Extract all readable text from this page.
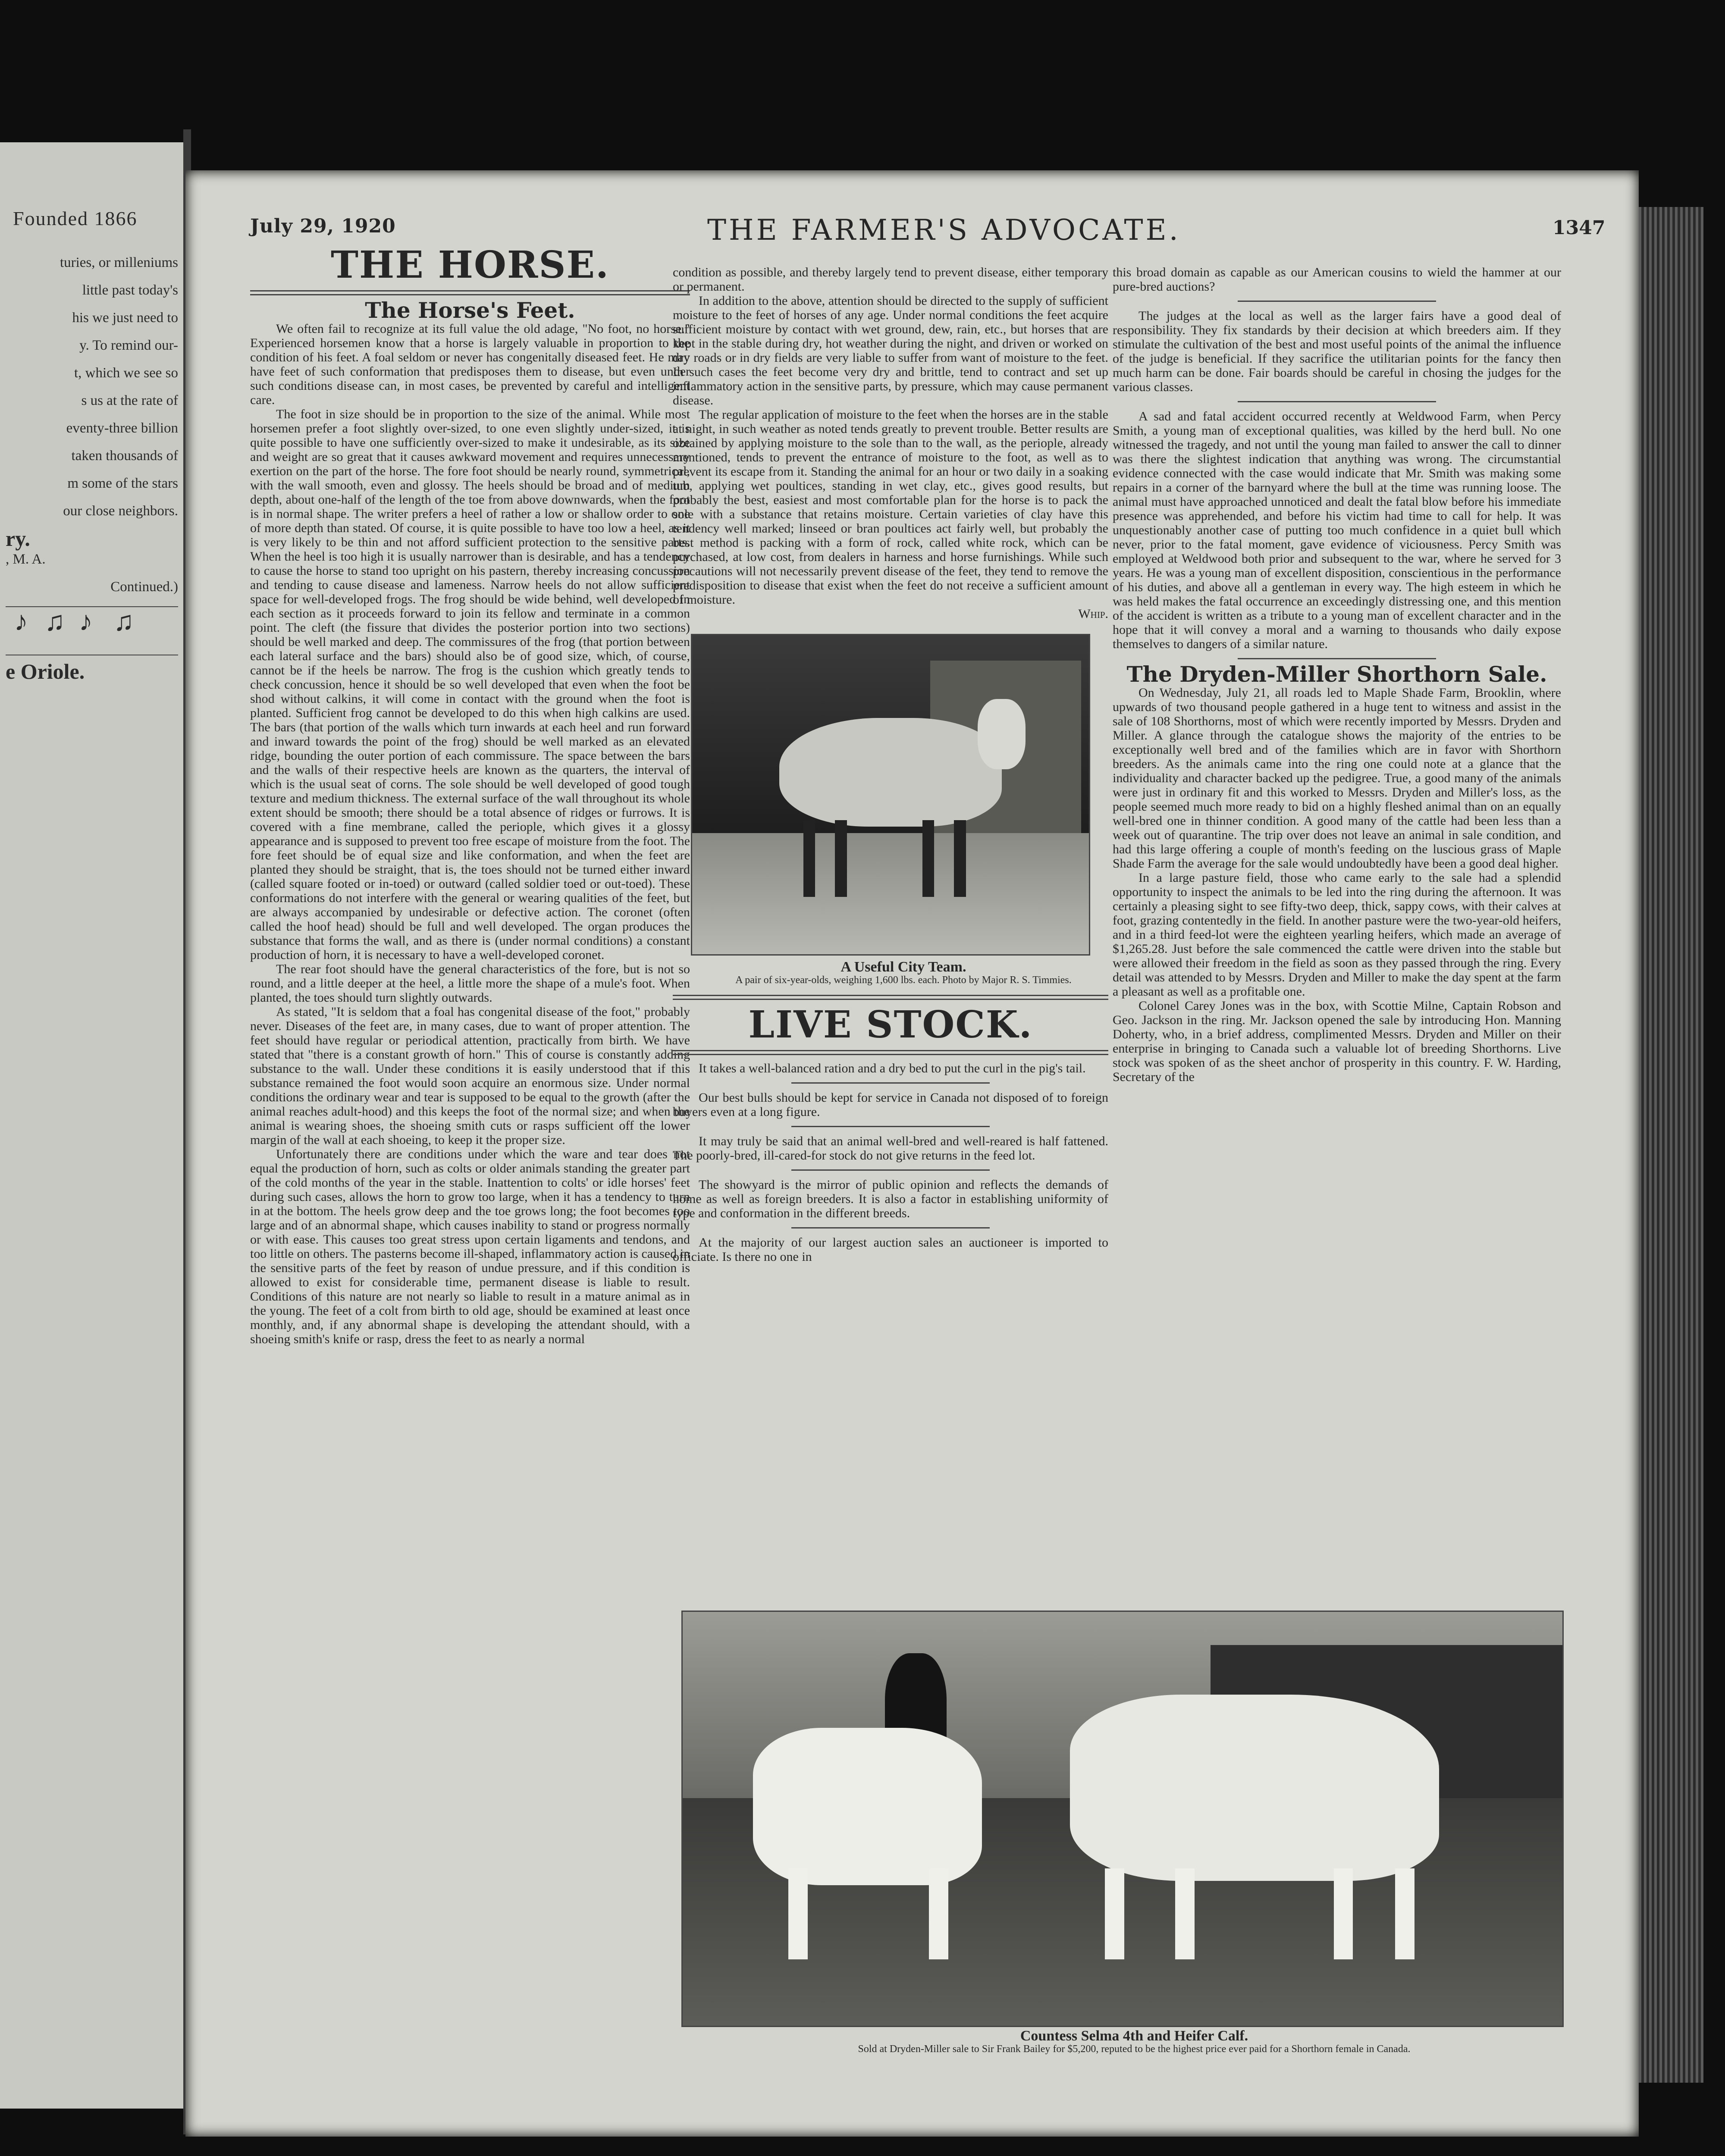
Founded 1866

turies, or milleniums

little past today's

his we just need to

y. To remind our-

t, which we see so

s us at the rate of

eventy-three billion

taken thousands of

m some of the stars

our close neighbors.

ry.

, M. A.

Continued.)

♪ ♫ ♪ ♫
e Oriole.
July 29, 1920	THE FARMER'S ADVOCATE.	1347
THE HORSE.
The Horse's Feet.

We often fail to recognize at its full value the old adage, "No foot, no horse." Experienced horsemen know that a horse is largely valuable in proportion to the condition of his feet. A foal seldom or never has congenitally diseased feet. He may have feet of such conformation that predisposes them to disease, but even under such conditions disease can, in most cases, be prevented by careful and intelligent care.

The foot in size should be in proportion to the size of the animal. While most horsemen prefer a foot slightly over-sized, to one even slightly under-sized, it is quite possible to have one sufficiently over-sized to make it undesirable, as its size and weight are so great that it causes awkward movement and requires unnecessary exertion on the part of the horse. The fore foot should be nearly round, symmetrical, with the wall smooth, even and glossy. The heels should be broad and of medium depth, about one-half of the length of the toe from above downwards, when the foot is in normal shape. The writer prefers a heel of rather a low or shallow order to one of more depth than stated. Of course, it is quite possible to have too low a heel, as it is very likely to be thin and not afford sufficient protection to the sensitive parts. When the heel is too high it is usually narrower than is desirable, and has a tendency to cause the horse to stand too upright on his pastern, thereby increasing concussion and tending to cause disease and lameness. Narrow heels do not allow sufficient space for well-developed frogs. The frog should be wide behind, well developed in each section as it proceeds forward to join its fellow and terminate in a common point. The cleft (the fissure that divides the posterior portion into two sections) should be well marked and deep. The commissures of the frog (that portion between each lateral surface and the bars) should also be of good size, which, of course, cannot be if the heels be narrow. The frog is the cushion which greatly tends to check concussion, hence it should be so well developed that even when the foot be shod without calkins, it will come in contact with the ground when the foot is planted. Sufficient frog cannot be developed to do this when high calkins are used. The bars (that portion of the walls which turn inwards at each heel and run forward and inward towards the point of the frog) should be well marked as an elevated ridge, bounding the outer portion of each commissure. The space between the bars and the walls of their respective heels are known as the quarters, the interval of which is the usual seat of corns. The sole should be well developed of good tough texture and medium thickness. The external surface of the wall throughout its whole extent should be smooth; there should be a total absence of ridges or furrows. It is covered with a fine membrane, called the periople, which gives it a glossy appearance and is supposed to prevent too free escape of moisture from the foot. The fore feet should be of equal size and like conformation, and when the feet are planted they should be straight, that is, the toes should not be turned either inward (called square footed or in-toed) or outward (called soldier toed or out-toed). These conformations do not interfere with the general or wearing qualities of the feet, but are always accompanied by undesirable or defective action. The coronet (often called the hoof head) should be full and well developed. The organ produces the substance that forms the wall, and as there is (under normal conditions) a constant production of horn, it is necessary to have a well-developed coronet.

The rear foot should have the general characteristics of the fore, but is not so round, and a little deeper at the heel, a little more the shape of a mule's foot. When planted, the toes should turn slightly outwards.

As stated, "It is seldom that a foal has congenital disease of the foot," probably never. Diseases of the feet are, in many cases, due to want of proper attention. The feet should have regular or periodical attention, practically from birth. We have stated that "there is a constant growth of horn." This of course is constantly adding substance to the wall. Under these conditions it is easily understood that if this substance remained the foot would soon acquire an enormous size. Under normal conditions the ordinary wear and tear is supposed to be equal to the growth (after the animal reaches adult-hood) and this keeps the foot of the normal size; and when the animal is wearing shoes, the shoeing smith cuts or rasps sufficient off the lower margin of the wall at each shoeing, to keep it the proper size.

Unfortunately there are conditions under which the ware and tear does not equal the production of horn, such as colts or older animals standing the greater part of the cold months of the year in the stable. Inattention to colts' or idle horses' feet during such cases, allows the horn to grow too large, when it has a tendency to turn in at the bottom. The heels grow deep and the toe grows long; the foot becomes too large and of an abnormal shape, which causes inability to stand or progress normally or with ease. This causes too great stress upon certain ligaments and tendons, and too little on others. The pasterns become ill-shaped, inflammatory action is caused in the sensitive parts of the feet by reason of undue pressure, and if this condition is allowed to exist for considerable time, permanent disease is liable to result. Conditions of this nature are not nearly so liable to result in a mature animal as in the young. The feet of a colt from birth to old age, should be examined at least once monthly, and, if any abnormal shape is developing the attendant should, with a shoeing smith's knife or rasp, dress the feet to as nearly a normal

condition as possible, and thereby largely tend to prevent disease, either temporary or permanent.

In addition to the above, attention should be directed to the supply of sufficient moisture to the feet of horses of any age. Under normal conditions the feet acquire sufficient moisture by contact with wet ground, dew, rain, etc., but horses that are kept in the stable during dry, hot weather during the night, and driven or worked on dry roads or in dry fields are very liable to suffer from want of moisture to the feet. In such cases the feet become very dry and brittle, tend to contract and set up inflammatory action in the sensitive parts, by pressure, which may cause permanent disease.

The regular application of moisture to the feet when the horses are in the stable at night, in such weather as noted tends greatly to prevent trouble. Better results are obtained by applying moisture to the sole than to the wall, as the periople, already mentioned, tends to prevent the entrance of moisture to the foot, as well as to prevent its escape from it. Standing the animal for an hour or two daily in a soaking tub, applying wet poultices, standing in wet clay, etc., gives good results, but probably the best, easiest and most comfortable plan for the horse is to pack the sole with a substance that retains moisture. Certain varieties of clay have this tendency well marked; linseed or bran poultices act fairly well, but probably the best method is packing with a form of rock, called white rock, which can be purchased, at low cost, from dealers in harness and horse furnishings. While such precautions will not necessarily prevent disease of the feet, they tend to remove the predisposition to disease that exist when the feet do not receive a sufficient amount of moisture.

Whip.

A Useful City Team.

A pair of six-year-olds, weighing 1,600 lbs. each. Photo by Major R. S. Timmies.

LIVE STOCK.

It takes a well-balanced ration and a dry bed to put the curl in the pig's tail.

Our best bulls should be kept for service in Canada not disposed of to foreign buyers even at a long figure.

It may truly be said that an animal well-bred and well-reared is half fattened. The poorly-bred, ill-cared-for stock do not give returns in the feed lot.

The showyard is the mirror of public opinion and reflects the demands of home as well as foreign breeders. It is also a factor in establishing uniformity of type and conformation in the different breeds.

At the majority of our largest auction sales an auctioneer is imported to officiate. Is there no one in

this broad domain as capable as our American cousins to wield the hammer at our pure-bred auctions?

The judges at the local as well as the larger fairs have a good deal of responsibility. They fix standards by their decision at which breeders aim. If they stimulate the cultivation of the best and most useful points of the animal the influence of the judge is beneficial. If they sacrifice the utilitarian points for the fancy then much harm can be done. Fair boards should be careful in chosing the judges for the various classes.

A sad and fatal accident occurred recently at Weldwood Farm, when Percy Smith, a young man of exceptional qualities, was killed by the herd bull. No one witnessed the tragedy, and not until the young man failed to answer the call to dinner was there the slightest indication that anything was wrong. The circumstantial evidence connected with the case would indicate that Mr. Smith was making some repairs in a corner of the barnyard where the bull at the time was running loose. The animal must have approached unnoticed and dealt the fatal blow before his immediate presence was apprehended, and before his victim had time to call for help. It was unquestionably another case of putting too much confidence in a quiet bull which never, prior to the fatal moment, gave evidence of viciousness. Percy Smith was employed at Weldwood both prior and subsequent to the war, where he served for 3 years. He was a young man of excellent disposition, conscientious in the performance of his duties, and above all a gentleman in every way. The high esteem in which he was held makes the fatal occurrence an exceedingly distressing one, and this mention of the accident is written as a tribute to a young man of excellent character and in the hope that it will convey a moral and a warning to thousands who daily expose themselves to dangers of a similar nature.

The Dryden-Miller Shorthorn Sale.

On Wednesday, July 21, all roads led to Maple Shade Farm, Brooklin, where upwards of two thousand people gathered in a huge tent to witness and assist in the sale of 108 Shorthorns, most of which were recently imported by Messrs. Dryden and Miller. A glance through the catalogue shows the majority of the entries to be exceptionally well bred and of the families which are in favor with Shorthorn breeders. As the animals came into the ring one could note at a glance that the individuality and character backed up the pedigree. True, a good many of the animals were just in ordinary fit and this worked to Messrs. Dryden and Miller's loss, as the people seemed much more ready to bid on a highly fleshed animal than on an equally well-bred one in thinner condition. A good many of the cattle had been less than a week out of quarantine. The trip over does not leave an animal in sale condition, and had this large offering a couple of month's feeding on the luscious grass of Maple Shade Farm the average for the sale would undoubtedly have been a good deal higher.

In a large pasture field, those who came early to the sale had a splendid opportunity to inspect the animals to be led into the ring during the afternoon. It was certainly a pleasing sight to see fifty-two deep, thick, sappy cows, with their calves at foot, grazing contentedly in the field. In another pasture were the two-year-old heifers, and in a third feed-lot were the eighteen yearling heifers, which made an average of $1,265.28. Just before the sale commenced the cattle were driven into the stable but were allowed their freedom in the field as soon as they passed through the ring. Every detail was attended to by Messrs. Dryden and Miller to make the day spent at the farm a pleasant as well as a profitable one.

Colonel Carey Jones was in the box, with Scottie Milne, Captain Robson and Geo. Jackson in the ring. Mr. Jackson opened the sale by introducing Hon. Manning Doherty, who, in a brief address, complimented Messrs. Dryden and Miller on their enterprise in bringing to Canada such a valuable lot of breeding Shorthorns. Live stock was spoken of as the sheet anchor of prosperity in this country. F. W. Harding, Secretary of the

Countess Selma 4th and Heifer Calf.

Sold at Dryden-Miller sale to Sir Frank Bailey for $5,200, reputed to be the highest price ever paid for a Shorthorn female in Canada.
